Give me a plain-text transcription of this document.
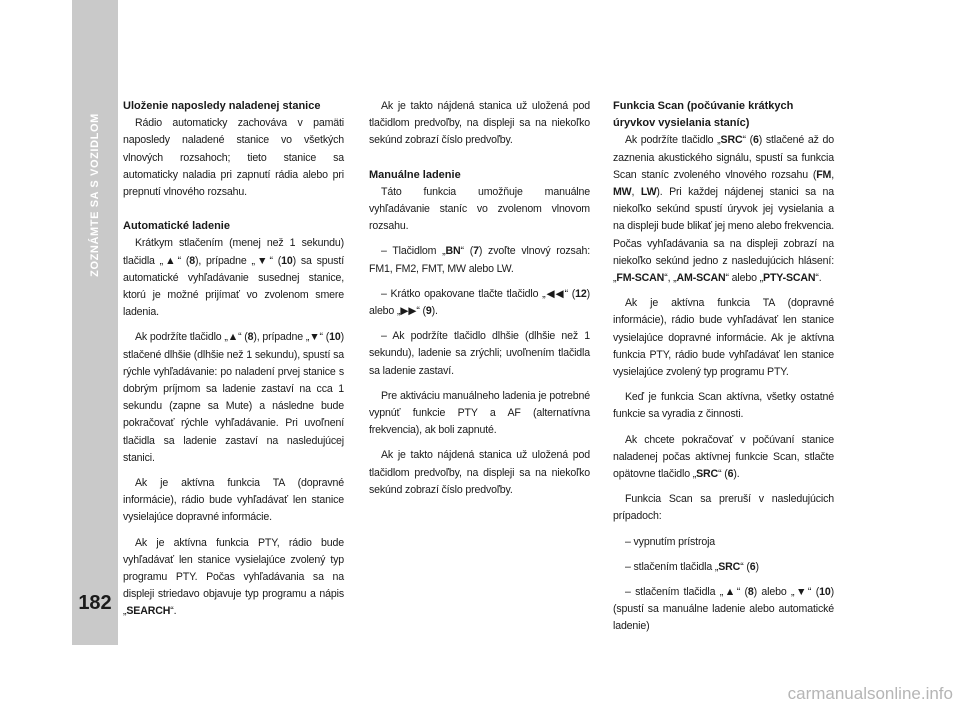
ZOZNÁMTE SA S VOZIDLOM
182
Uloženie naposledy naladenej stanice

Rádio automaticky zachováva v pamäti naposledy naladené stanice vo všetkých vlnových rozsahoch; tieto stanice sa automaticky naladia pri zapnutí rádia alebo pri prepnutí vlnového rozsahu.

Automatické ladenie

Krátkym stlačením (menej než 1 sekundu) tlačidla „▲“ (8), prípadne „▼“ (10) sa spustí automatické vyhľadávanie susednej stanice, ktorú je možné prijímať vo zvolenom smere ladenia.

Ak podržíte tlačidlo „▲“ (8), prípadne „▼“ (10) stlačené dlhšie (dlhšie než 1 sekundu), spustí sa rýchle vyhľadávanie: po naladení prvej stanice s dobrým príjmom sa ladenie zastaví na cca 1 sekundu (zapne sa Mute) a následne bude pokračovať rýchle vyhľadávanie. Pri uvoľnení tlačidla sa ladenie zastaví na nasledujúcej stanici.

Ak je aktívna funkcia TA (dopravné informácie), rádio bude vyhľadávať len stanice vysielajúce dopravné informácie.

Ak je aktívna funkcia PTY, rádio bude vyhľadávať len stanice vysielajúce zvolený typ programu PTY. Počas vyhľadávania sa na displeji striedavo objavuje typ programu a nápis „SEARCH“.

Ak je takto nájdená stanica už uložená pod tlačidlom predvoľby, na displeji sa na niekoľko sekúnd zobrazí číslo predvoľby.

Manuálne ladenie

Táto funkcia umožňuje manuálne vyhľadávanie staníc vo zvolenom vlnovom rozsahu.

– Tlačidlom „BN“ (7) zvoľte vlnový rozsah: FM1, FM2, FMT, MW alebo LW.

– Krátko opakovane tlačte tlačidlo „◀◀“ (12) alebo „▶▶“ (9).

– Ak podržíte tlačidlo dlhšie (dlhšie než 1 sekundu), ladenie sa zrýchli; uvoľnením tlačidla sa ladenie zastaví.

Pre aktiváciu manuálneho ladenia je potrebné vypnúť funkcie PTY a AF (alternatívna frekvencia), ak boli zapnuté.

Ak je takto nájdená stanica už uložená pod tlačidlom predvoľby, na displeji sa na niekoľko sekúnd zobrazí číslo predvoľby.

Funkcia Scan (počúvanie krátkych
úryvkov vysielania staníc)

Ak podržíte tlačidlo „SRC“ (6) stlačené až do zaznenia akustického signálu, spustí sa funkcia Scan staníc zvoleného vlnového rozsahu (FM, MW, LW). Pri každej nájdenej stanici sa na niekoľko sekúnd spustí úryvok jej vysielania a na displeji bude blikať jej meno alebo frekvencia. Počas vyhľadávania sa na displeji zobrazí na niekoľko sekúnd jedno z nasledujúcich hlásení: „FM-SCAN“, „AM-SCAN“ alebo „PTY-SCAN“.

Ak je aktívna funkcia TA (dopravné informácie), rádio bude vyhľadávať len stanice vysielajúce dopravné informácie. Ak je aktívna funkcia PTY, rádio bude vyhľadávať len stanice vysielajúce zvolený typ programu PTY.

Keď je funkcia Scan aktívna, všetky ostatné funkcie sa vyradia z činnosti.

Ak chcete pokračovať v počúvaní stanice naladenej počas aktívnej funkcie Scan, stlačte opätovne tlačidlo „SRC“ (6).

Funkcia Scan sa preruší v nasledujúcich prípadoch:

– vypnutím prístroja

– stlačením tlačidla „SRC“ (6)

– stlačením tlačidla „▲“ (8) alebo „▼“ (10) (spustí sa manuálne ladenie alebo automatické ladenie)

carmanualsonline.info
